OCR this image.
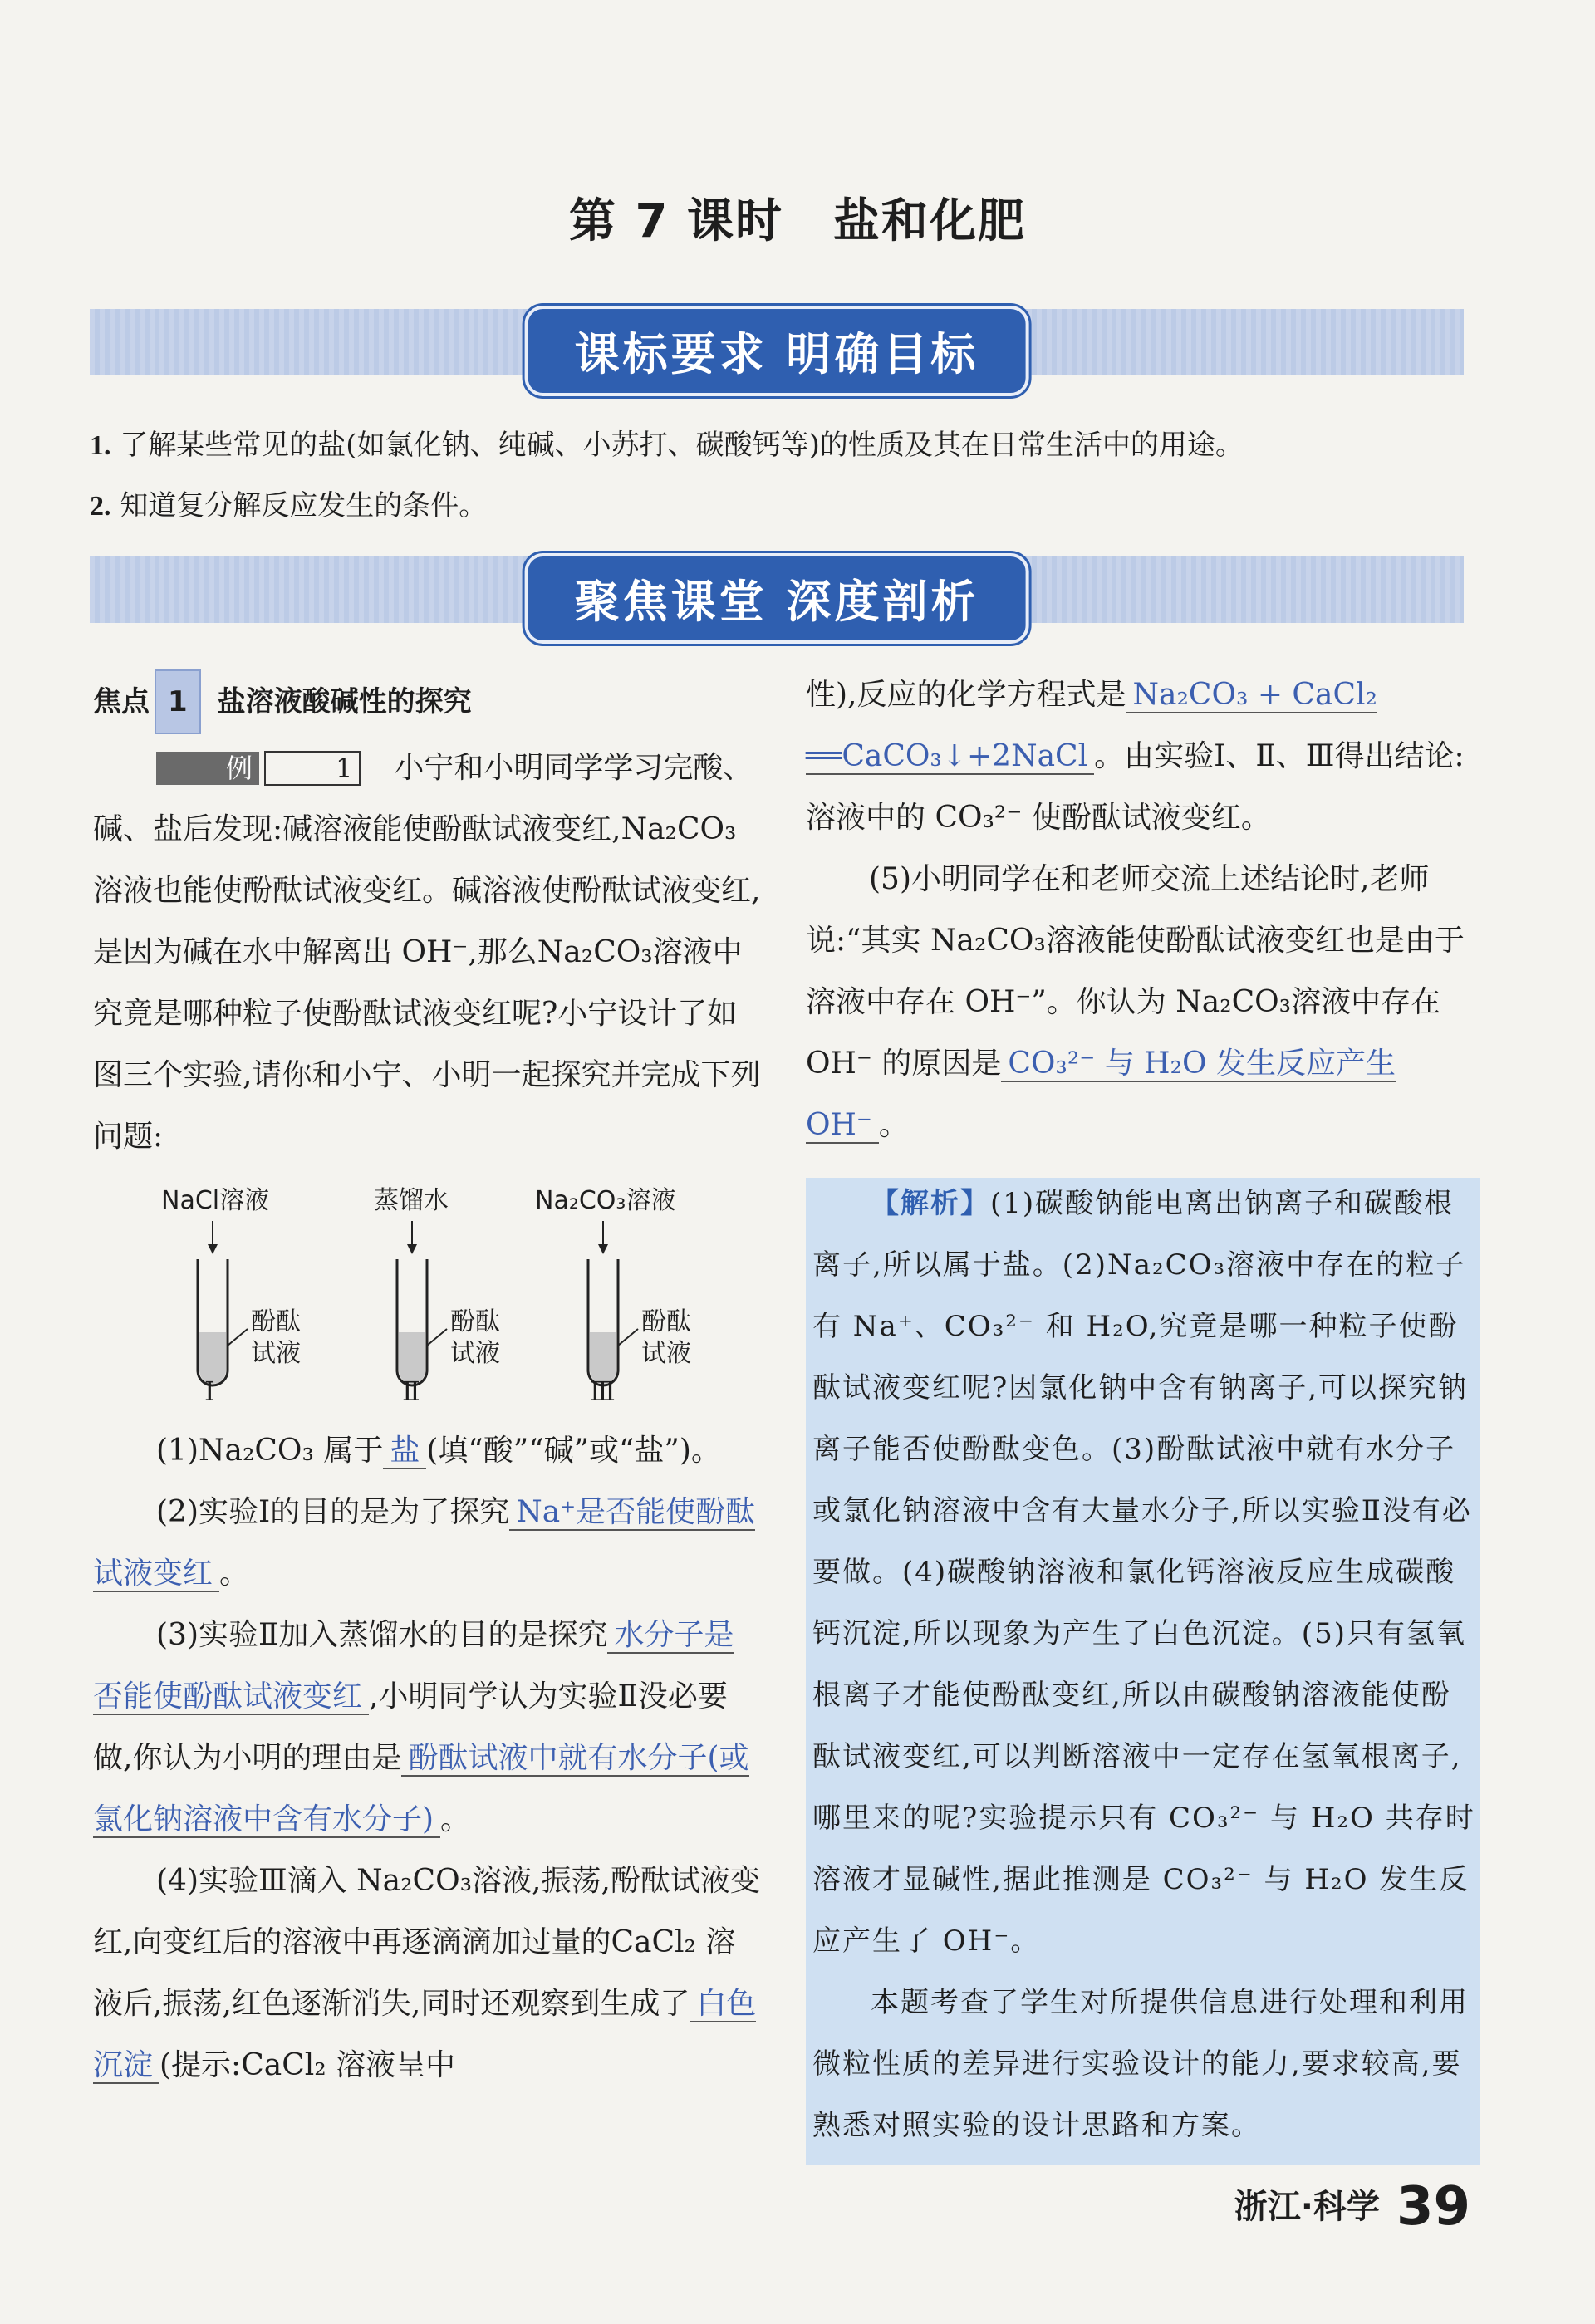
第 7 课时 盐和化肥
课标要求 明确目标
1. 了解某些常见的盐(如氯化钠、纯碱、小苏打、碳酸钙等)的性质及其在日常生活中的用途。
2. 知道复分解反应发生的条件。
聚焦课堂 深度剖析
焦点 1 盐溶液酸碱性的探究

例	1 小宁和小明同学学习完酸、碱、盐后发现:碱溶液能使酚酞试液变红,Na₂CO₃溶液也能使酚酞试液变红。碱溶液使酚酞试液变红,是因为碱在水中解离出 OH⁻,那么Na₂CO₃溶液中究竟是哪种粒子使酚酞试液变红呢?小宁设计了如图三个实验,请你和小宁、小明一起探究并完成下列问题:

NaCl溶液	蒸馏水	Na₂CO₃溶液
酚酞
试液
酚酞
试液
酚酞
试液
Ⅰ	Ⅱ	Ⅲ

(1)Na₂CO₃ 属于 盐 (填“酸”“碱”或“盐”)。

(2)实验Ⅰ的目的是为了探究 Na⁺是否能使酚酞试液变红 。

(3)实验Ⅱ加入蒸馏水的目的是探究 水分子是否能使酚酞试液变红 ,小明同学认为实验Ⅱ没必要做,你认为小明的理由是 酚酞试液中就有水分子(或氯化钠溶液中含有水分子) 。

(4)实验Ⅲ滴入 Na₂CO₃溶液,振荡,酚酞试液变红,向变红后的溶液中再逐滴滴加过量的CaCl₂ 溶液后,振荡,红色逐渐消失,同时还观察到生成了 白色沉淀 (提示:CaCl₂ 溶液呈中

性),反应的化学方程式是 Na₂CO₃ + CaCl₂ ══CaCO₃↓+2NaCl 。由实验Ⅰ、Ⅱ、Ⅲ得出结论:溶液中的 CO₃²⁻ 使酚酞试液变红。

(5)小明同学在和老师交流上述结论时,老师说:“其实 Na₂CO₃溶液能使酚酞试液变红也是由于溶液中存在 OH⁻”。你认为 Na₂CO₃溶液中存在 OH⁻ 的原因是 CO₃²⁻ 与 H₂O 发生反应产生 OH⁻ 。

【解析】(1)碳酸钠能电离出钠离子和碳酸根离子,所以属于盐。(2)Na₂CO₃溶液中存在的粒子有 Na⁺、CO₃²⁻ 和 H₂O,究竟是哪一种粒子使酚酞试液变红呢?因氯化钠中含有钠离子,可以探究钠离子能否使酚酞变色。(3)酚酞试液中就有水分子或氯化钠溶液中含有大量水分子,所以实验Ⅱ没有必要做。(4)碳酸钠溶液和氯化钙溶液反应生成碳酸钙沉淀,所以现象为产生了白色沉淀。(5)只有氢氧根离子才能使酚酞变红,所以由碳酸钠溶液能使酚酞试液变红,可以判断溶液中一定存在氢氧根离子,哪里来的呢?实验提示只有 CO₃²⁻ 与 H₂O 共存时溶液才显碱性,据此推测是 CO₃²⁻ 与 H₂O 发生反应产生了 OH⁻。
本题考查了学生对所提供信息进行处理和利用微粒性质的差异进行实验设计的能力,要求较高,要熟悉对照实验的设计思路和方案。
浙江·科学 39
